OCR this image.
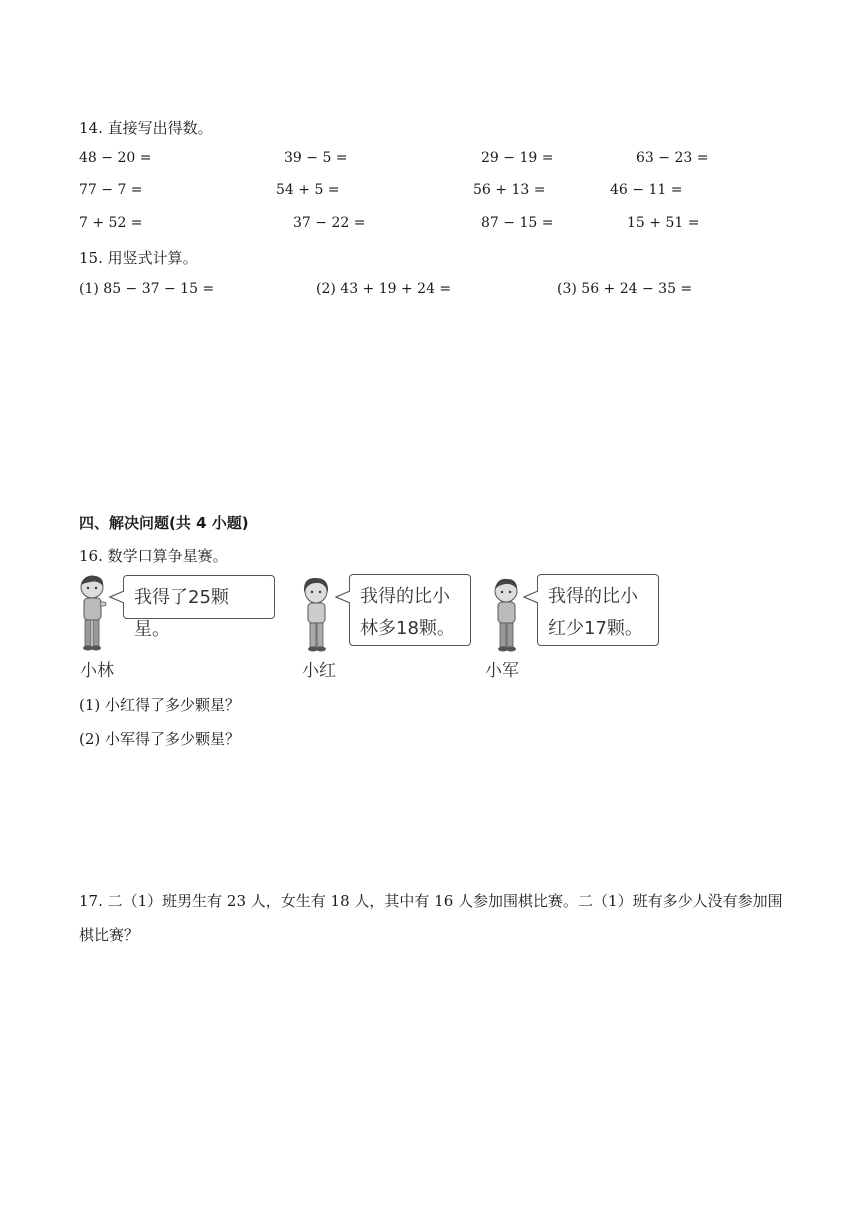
14. 直接写出得数。
48 − 20 =	39 − 5 =	29 − 19 =	63 − 23 =
77 − 7 =	54 + 5 =	56 + 13 =	46 − 11 =
7 + 52 =	37 − 22 =	87 − 15 =	15 + 51 =
15. 用竖式计算。
(1) 85 − 37 − 15 =	(2) 43 + 19 + 24 =	(3) 56 + 24 − 35 =
四、解决问题(共 4 小题)
16. 数学口算争星赛。
我得了25颗星。
小林
我得的比小
林多18颗。
小红
我得的比小
红少17颗。
小军
(1) 小红得了多少颗星？
(2) 小军得了多少颗星？
17. 二（1）班男生有 23 人，女生有 18 人，其中有 16 人参加围棋比赛。二（1）班有多少人没有参加围棋比赛？
